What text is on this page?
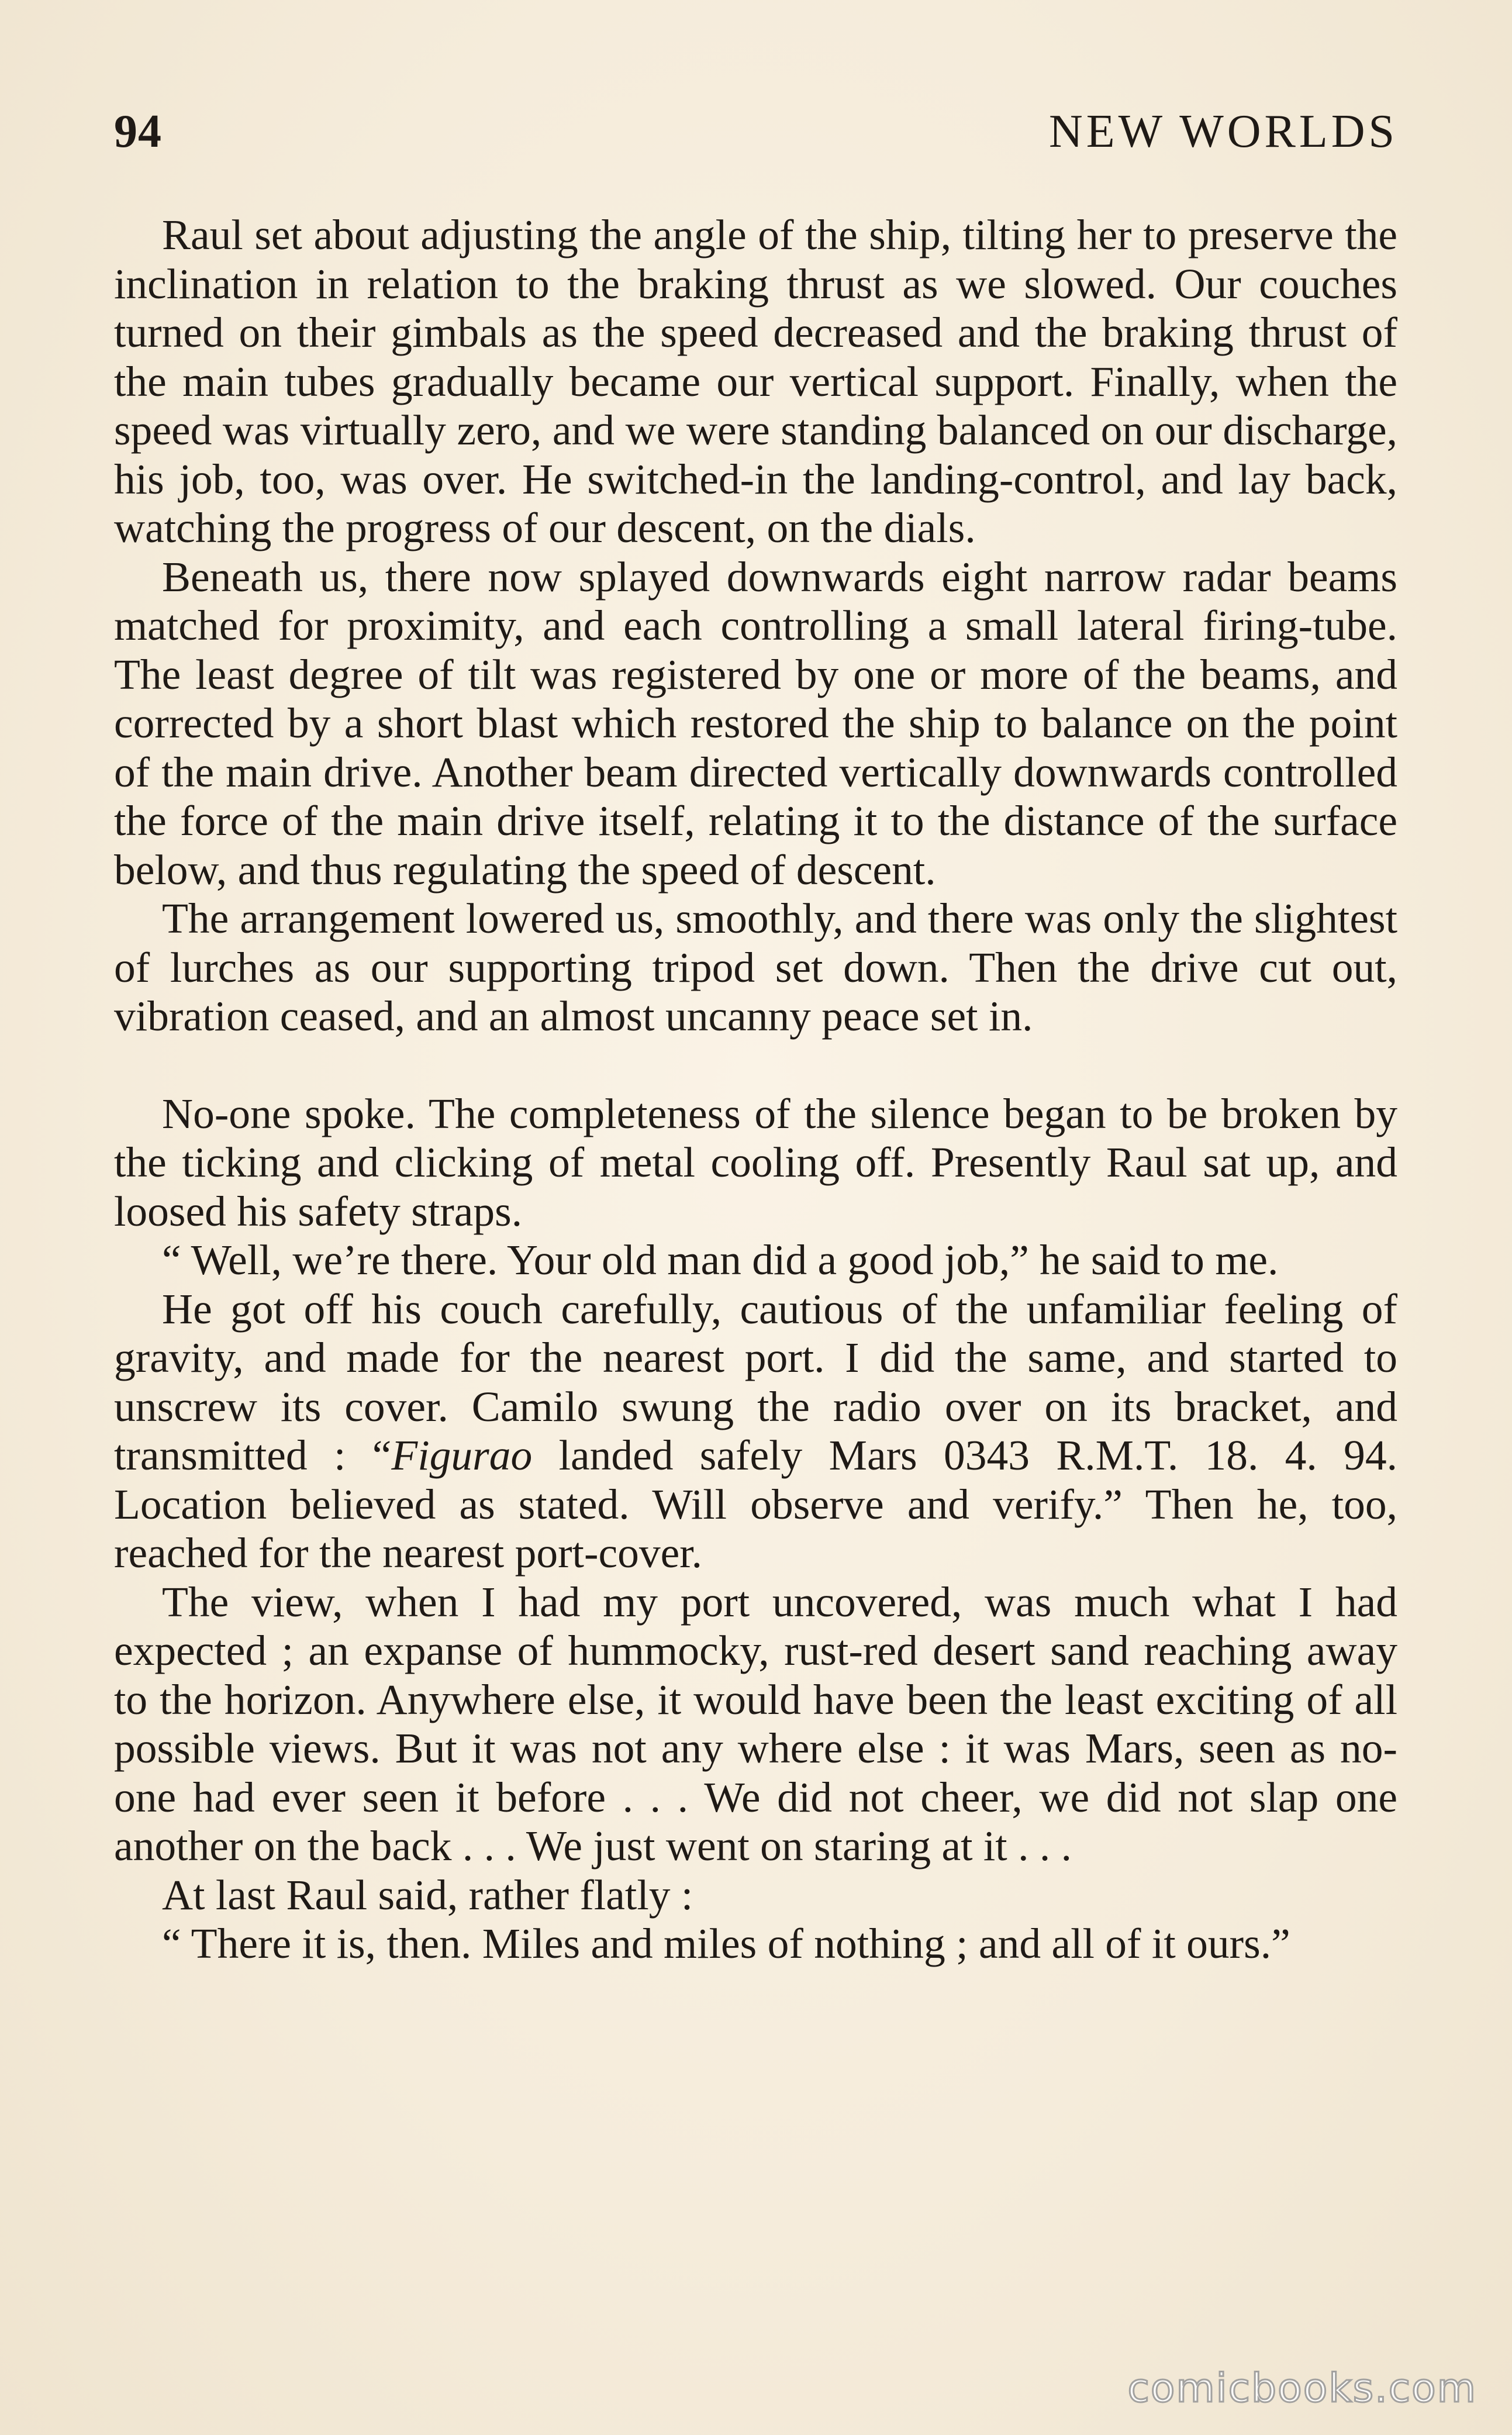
94	NEW WORLDS

Raul set about adjusting the angle of the ship, tilting her to preserve the inclination in relation to the braking thrust as we slowed. Our couches turned on their gimbals as the speed decreased and the braking thrust of the main tubes gradually became our vertical support. Finally, when the speed was virtually zero, and we were standing balanced on our discharge, his job, too, was over. He switched-in the landing-control, and lay back, watching the progress of our descent, on the dials.

Beneath us, there now splayed downwards eight narrow radar beams matched for proximity, and each controlling a small lateral firing-tube. The least degree of tilt was registered by one or more of the beams, and corrected by a short blast which restored the ship to balance on the point of the main drive. Another beam directed vertically downwards controlled the force of the main drive itself, relating it to the distance of the surface below, and thus regulating the speed of descent.

The arrangement lowered us, smoothly, and there was only the slightest of lurches as our supporting tripod set down. Then the drive cut out, vibration ceased, and an almost uncanny peace set in.

No-one spoke. The completeness of the silence began to be broken by the ticking and clicking of metal cooling off. Presently Raul sat up, and loosed his safety straps.

“ Well, we’re there. Your old man did a good job,” he said to me.

He got off his couch carefully, cautious of the unfamiliar feeling of gravity, and made for the nearest port. I did the same, and started to unscrew its cover. Camilo swung the radio over on its bracket, and transmitted : “Figurao landed safely Mars 0343 R.M.T. 18. 4. 94. Location believed as stated. Will observe and verify.” Then he, too, reached for the nearest port-cover.

The view, when I had my port uncovered, was much what I had expected ; an expanse of hummocky, rust-red desert sand reaching away to the horizon. Anywhere else, it would have been the least exciting of all possible views. But it was not any where else : it was Mars, seen as no-one had ever seen it before . . . We did not cheer, we did not slap one another on the back . . . We just went on staring at it . . .

At last Raul said, rather flatly :

“ There it is, then. Miles and miles of nothing ; and all of it ours.”

comicbooks.com
